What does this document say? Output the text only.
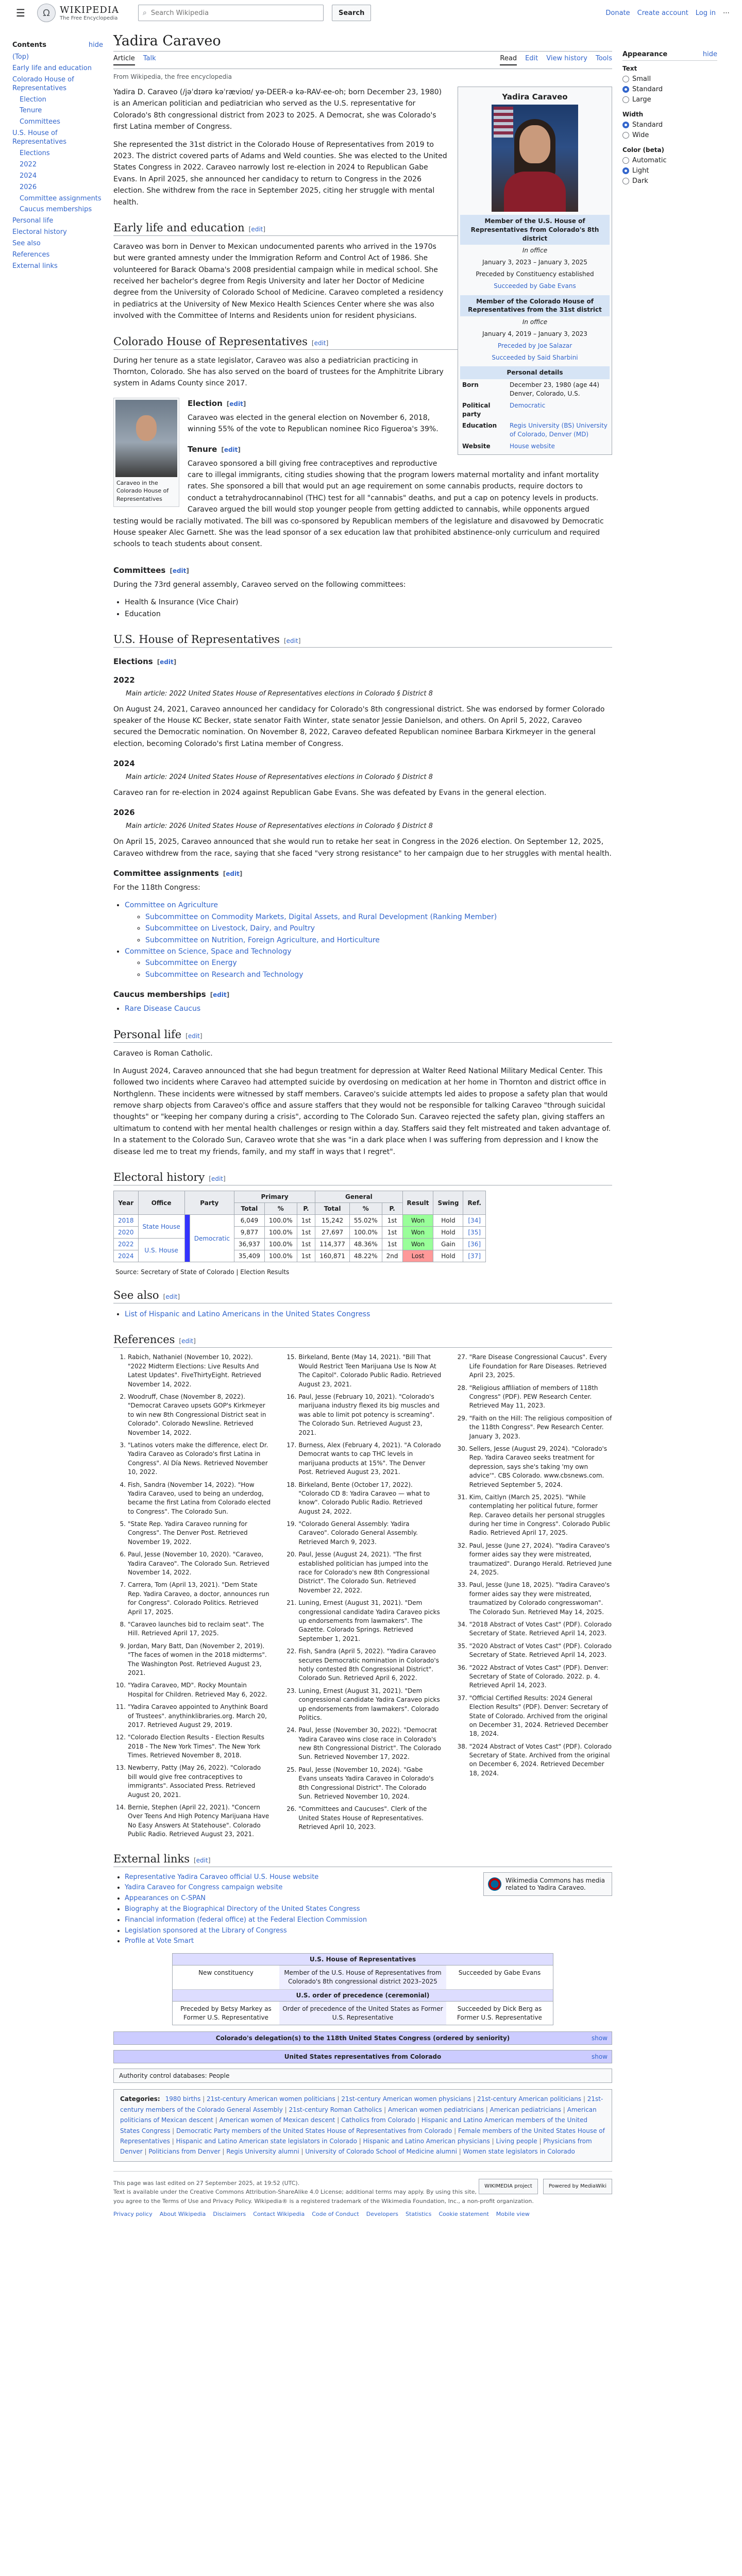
☰	Ω	WIKIPEDIA
The Free Encyclopedia
⌕
Search Wikipedia	Search	Donate Create account Log in ⋯
Contents	hide
(Top)
Early life and education
Colorado House of Representatives
Election
Tenure
Committees
U.S. House of Representatives
Elections
2022
2024
2026
Committee assignments
Caucus memberships
Personal life
Electoral history
See also
References
External links
Yadira Caraveo
Article Talk	Read Edit View history Tools
From Wikipedia, the free encyclopedia
Yadira Caraveo
Member of the U.S. House of Representatives from Colorado's 8th district
In office
January 3, 2023 – January 3, 2025
Preceded by Constituency established
Succeeded by Gabe Evans
Member of the Colorado House of Representatives from the 31st district
In office
January 4, 2019 – January 3, 2023
Preceded by Joe Salazar
Succeeded by Said Sharbini
Personal details
Born	December 23, 1980 (age 44) Denver, Colorado, U.S.
Political party
Democratic
Education	Regis University (BS) University of Colorado, Denver (MD)
Website	House website

Yadira D. Caraveo (/jəˈdɪərə kəˈrævioʊ/ yə-DEER-ə kə-RAV-ee-oh; born December 23, 1980) is an American politician and pediatrician who served as the U.S. representative for Colorado's 8th congressional district from 2023 to 2025. A Democrat, she was Colorado's first Latina member of Congress.

She represented the 31st district in the Colorado House of Representatives from 2019 to 2023. The district covered parts of Adams and Weld counties. She was elected to the United States Congress in 2022. Caraveo narrowly lost re-election in 2024 to Republican Gabe Evans. In April 2025, she announced her candidacy to return to Congress in the 2026 election. She withdrew from the race in September 2025, citing her struggle with mental health.

Early life and education [edit]

Caraveo was born in Denver to Mexican undocumented parents who arrived in the 1970s but were granted amnesty under the Immigration Reform and Control Act of 1986. She volunteered for Barack Obama's 2008 presidential campaign while in medical school. She received her bachelor's degree from Regis University and later her Doctor of Medicine degree from the University of Colorado School of Medicine. Caraveo completed a residency in pediatrics at the University of New Mexico Health Sciences Center where she was also involved with the Committee of Interns and Residents union for resident physicians.

Colorado House of Representatives [edit]

During her tenure as a state legislator, Caraveo was also a pediatrician practicing in Thornton, Colorado. She has also served on the board of trustees for the Amphitrite Library system in Adams County since 2017.

Caraveo in the Colorado House of Representatives
Election [edit]

Caraveo was elected in the general election on November 6, 2018, winning 55% of the vote to Republican nominee Rico Figueroa's 39%.

Tenure [edit]

Caraveo sponsored a bill giving free contraceptives and reproductive care to illegal immigrants, citing studies showing that the program lowers maternal mortality and infant mortality rates. She sponsored a bill that would put an age requirement on some cannabis products, require doctors to conduct a tetrahydrocannabinol (THC) test for all "cannabis" deaths, and put a cap on potency levels in products. Caraveo argued the bill would stop younger people from getting addicted to cannabis, while opponents argued testing would be racially motivated. The bill was co-sponsored by Republican members of the legislature and disavowed by Democratic House speaker Alec Garnett. She was the lead sponsor of a sex education law that prohibited abstinence-only curriculum and required schools to teach students about consent.

Committees [edit]

During the 73rd general assembly, Caraveo served on the following committees:

• Health & Insurance (Vice Chair)
• Education
U.S. House of Representatives [edit]
Elections [edit]
2022
Main article: 2022 United States House of Representatives elections in Colorado § District 8

On August 24, 2021, Caraveo announced her candidacy for Colorado's 8th congressional district. She was endorsed by former Colorado speaker of the House KC Becker, state senator Faith Winter, state senator Jessie Danielson, and others. On April 5, 2022, Caraveo secured the Democratic nomination. On November 8, 2022, Caraveo defeated Republican nominee Barbara Kirkmeyer in the general election, becoming Colorado's first Latina member of Congress.

2024
Main article: 2024 United States House of Representatives elections in Colorado § District 8

Caraveo ran for re-election in 2024 against Republican Gabe Evans. She was defeated by Evans in the general election.

2026
Main article: 2026 United States House of Representatives elections in Colorado § District 8

On April 15, 2025, Caraveo announced that she would run to retake her seat in Congress in the 2026 election. On September 12, 2025, Caraveo withdrew from the race, saying that she faced "very strong resistance" to her campaign due to her struggles with mental health.

Committee assignments [edit]

For the 118th Congress:

• Committee on Agriculture
◦ Subcommittee on Commodity Markets, Digital Assets, and Rural Development (Ranking Member)
◦ Subcommittee on Livestock, Dairy, and Poultry
◦ Subcommittee on Nutrition, Foreign Agriculture, and Horticulture
• Committee on Science, Space and Technology
◦ Subcommittee on Energy
◦ Subcommittee on Research and Technology
Caucus memberships [edit]
• Rare Disease Caucus
Personal life [edit]

Caraveo is Roman Catholic.

In August 2024, Caraveo announced that she had begun treatment for depression at Walter Reed National Military Medical Center. This followed two incidents where Caraveo had attempted suicide by overdosing on medication at her home in Thornton and district office in Northglenn. These incidents were witnessed by staff members. Caraveo's suicide attempts led aides to propose a safety plan that would remove sharp objects from Caraveo's office and assure staffers that they would not be responsible for talking Caraveo "through suicidal thoughts" or "keeping her company during a crisis", according to The Colorado Sun. Caraveo rejected the safety plan, giving staffers an ultimatum to contend with her mental health challenges or resign within a day. Staffers said they felt mistreated and taken advantage of. In a statement to the Colorado Sun, Caraveo wrote that she was "in a dark place when I was suffering from depression and I know the disease led me to treat my friends, family, and my staff in ways that I regret".

Electoral history [edit]
Year	Office	Party		Primary			General			Result	Swing	Ref.
				Total	%	P.	Total	%	P.			
2018	State House		Democratic	6,049	100.0%	1st	15,242	55.02%	1st	Won	Hold	[34]
2020				9,877	100.0%	1st	27,697	100.0%	1st	Won	Hold	[35]
2022	U.S. House			36,937	100.0%	1st	114,377	48.36%	1st	Won	Gain	[36]
2024				35,409	100.0%	1st	160,871	48.22%	2nd	Lost	Hold	[37]
Source: Secretary of State of Colorado | Election Results
See also [edit]
• List of Hispanic and Latino Americans in the United States Congress
References [edit]
1. Rabich, Nathaniel (November 10, 2022). "2022 Midterm Elections: Live Results And Latest Updates". FiveThirtyEight. Retrieved November 14, 2022.
2. Woodruff, Chase (November 8, 2022). "Democrat Caraveo upsets GOP's Kirkmeyer to win new 8th Congressional District seat in Colorado". Colorado Newsline. Retrieved November 14, 2022.
3. "Latinos voters make the difference, elect Dr. Yadira Caraveo as Colorado's first Latina in Congress". Al Día News. Retrieved November 10, 2022.
4. Fish, Sandra (November 14, 2022). "How Yadira Caraveo, used to being an underdog, became the first Latina from Colorado elected to Congress". The Colorado Sun.
5. "State Rep. Yadira Caraveo running for Congress". The Denver Post. Retrieved November 19, 2022.
6. Paul, Jesse (November 10, 2020). "Caraveo, Yadira Caraveo". The Colorado Sun. Retrieved November 14, 2022.
7. Carrera, Tom (April 13, 2021). "Dem State Rep. Yadira Caraveo, a doctor, announces run for Congress". Colorado Politics. Retrieved April 17, 2025.
8. "Caraveo launches bid to reclaim seat". The Hill. Retrieved April 17, 2025.
9. Jordan, Mary Batt, Dan (November 2, 2019). "The faces of women in the 2018 midterms". The Washington Post. Retrieved August 23, 2021.
10. "Yadira Caraveo, MD". Rocky Mountain Hospital for Children. Retrieved May 6, 2022.
11. "Yadira Caraveo appointed to Anythink Board of Trustees". anythinklibraries.org. March 20, 2017. Retrieved August 29, 2019.
12. "Colorado Election Results - Election Results 2018 - The New York Times". The New York Times. Retrieved November 8, 2018.
13. Newberry, Patty (May 26, 2022). "Colorado bill would give free contraceptives to immigrants". Associated Press. Retrieved August 20, 2021.
14. Bernie, Stephen (April 22, 2021). "Concern Over Teens And High Potency Marijuana Have No Easy Answers At Statehouse". Colorado Public Radio. Retrieved August 23, 2021.
15. Birkeland, Bente (May 14, 2021). "Bill That Would Restrict Teen Marijuana Use Is Now At The Capitol". Colorado Public Radio. Retrieved August 23, 2021.
16. Paul, Jesse (February 10, 2021). "Colorado's marijuana industry flexed its big muscles and was able to limit pot potency is screaming". The Colorado Sun. Retrieved August 23, 2021.
17. Burness, Alex (February 4, 2021). "A Colorado Democrat wants to cap THC levels in marijuana products at 15%". The Denver Post. Retrieved August 23, 2021.
18. Birkeland, Bente (October 17, 2022). "Colorado CD 8: Yadira Caraveo — what to know". Colorado Public Radio. Retrieved August 24, 2022.
19. "Colorado General Assembly: Yadira Caraveo". Colorado General Assembly. Retrieved March 9, 2023.
20. Paul, Jesse (August 24, 2021). "The first established politician has jumped into the race for Colorado's new 8th Congressional District". The Colorado Sun. Retrieved November 22, 2022.
21. Luning, Ernest (August 31, 2021). "Dem congressional candidate Yadira Caraveo picks up endorsements from lawmakers". The Gazette. Colorado Springs. Retrieved September 1, 2021.
22. Fish, Sandra (April 5, 2022). "Yadira Caraveo secures Democratic nomination in Colorado's hotly contested 8th Congressional District". Colorado Sun. Retrieved April 6, 2022.
23. Luning, Ernest (August 31, 2021). "Dem congressional candidate Yadira Caraveo picks up endorsements from lawmakers". Colorado Politics.
24. Paul, Jesse (November 30, 2022). "Democrat Yadira Caraveo wins close race in Colorado's new 8th Congressional District". The Colorado Sun. Retrieved November 17, 2022.
25. Paul, Jesse (November 10, 2024). "Gabe Evans unseats Yadira Caraveo in Colorado's 8th Congressional District". The Colorado Sun. Retrieved November 10, 2024.
26. "Committees and Caucuses". Clerk of the United States House of Representatives. Retrieved April 10, 2023.
27. "Rare Disease Congressional Caucus". Every Life Foundation for Rare Diseases. Retrieved April 23, 2025.
28. "Religious affiliation of members of 118th Congress" (PDF). PEW Research Center. Retrieved May 11, 2023.
29. "Faith on the Hill: The religious composition of the 118th Congress". Pew Research Center. January 3, 2023.
30. Sellers, Jesse (August 29, 2024). "Colorado's Rep. Yadira Caraveo seeks treatment for depression, says she's taking 'my own advice'". CBS Colorado. www.cbsnews.com. Retrieved September 5, 2024.
31. Kim, Caitlyn (March 25, 2025). "While contemplating her political future, former Rep. Caraveo details her personal struggles during her time in Congress". Colorado Public Radio. Retrieved April 17, 2025.
32. Paul, Jesse (June 27, 2024). "Yadira Caraveo's former aides say they were mistreated, traumatized". Durango Herald. Retrieved June 24, 2025.
33. Paul, Jesse (June 18, 2025). "Yadira Caraveo's former aides say they were mistreated, traumatized by Colorado congresswoman". The Colorado Sun. Retrieved May 14, 2025.
34. "2018 Abstract of Votes Cast" (PDF). Colorado Secretary of State. Retrieved April 14, 2023.
35. "2020 Abstract of Votes Cast" (PDF). Colorado Secretary of State. Retrieved April 14, 2023.
36. "2022 Abstract of Votes Cast" (PDF). Denver: Secretary of State of Colorado. 2022. p. 4. Retrieved April 14, 2023.
37. "Official Certified Results: 2024 General Election Results" (PDF). Denver: Secretary of State of Colorado. Archived from the original on December 31, 2024. Retrieved December 18, 2024.
38. "2024 Abstract of Votes Cast" (PDF). Colorado Secretary of State. Archived from the original on December 6, 2024. Retrieved December 18, 2024.
External links [edit]
Wikimedia Commons has media related to Yadira Caraveo.
• Representative Yadira Caraveo official U.S. House website
• Yadira Caraveo for Congress campaign website
• Appearances on C-SPAN
• Biography at the Biographical Directory of the United States Congress
• Financial information (federal office) at the Federal Election Commission
• Legislation sponsored at the Library of Congress
• Profile at Vote Smart
U.S. House of Representatives
New constituency	Member of the U.S. House of Representatives from Colorado's 8th congressional district 2023–2025
Succeeded by Gabe Evans
U.S. order of precedence (ceremonial)
Preceded by Betsy Markey as Former U.S. Representative
Order of precedence of the United States as Former U.S. Representative
Succeeded by Dick Berg as Former U.S. Representative
Colorado's delegation(s) to the 118th United States Congress (ordered by seniority)	show
United States representatives from Colorado	show
Authority control databases: People
Categories: 1980 births | 21st-century American women politicians | 21st-century American women physicians | 21st-century American politicians | 21st-century members of the Colorado General Assembly | 21st-century Roman Catholics | American women pediatricians | American pediatricians | American politicians of Mexican descent | American women of Mexican descent | Catholics from Colorado | Hispanic and Latino American members of the United States Congress | Democratic Party members of the United States House of Representatives from Colorado | Female members of the United States House of Representatives | Hispanic and Latino American state legislators in Colorado | Hispanic and Latino American physicians | Living people | Physicians from Denver | Politicians from Denver | Regis University alumni | University of Colorado School of Medicine alumni | Women state legislators in Colorado
WIKIMEDIA project	Powered by MediaWiki
This page was last edited on 27 September 2025, at 19:52 (UTC).
Text is available under the Creative Commons Attribution-ShareAlike 4.0 License; additional terms may apply. By using this site, you agree to the Terms of Use and Privacy Policy. Wikipedia® is a registered trademark of the Wikimedia Foundation, Inc., a non-profit organization.
Privacy policy About Wikipedia Disclaimers Contact Wikipedia Code of Conduct Developers Statistics Cookie statement Mobile view
Appearance	hide
Text
Small
Standard
Large
Width
Standard
Wide
Color (beta)
Automatic
Light
Dark
